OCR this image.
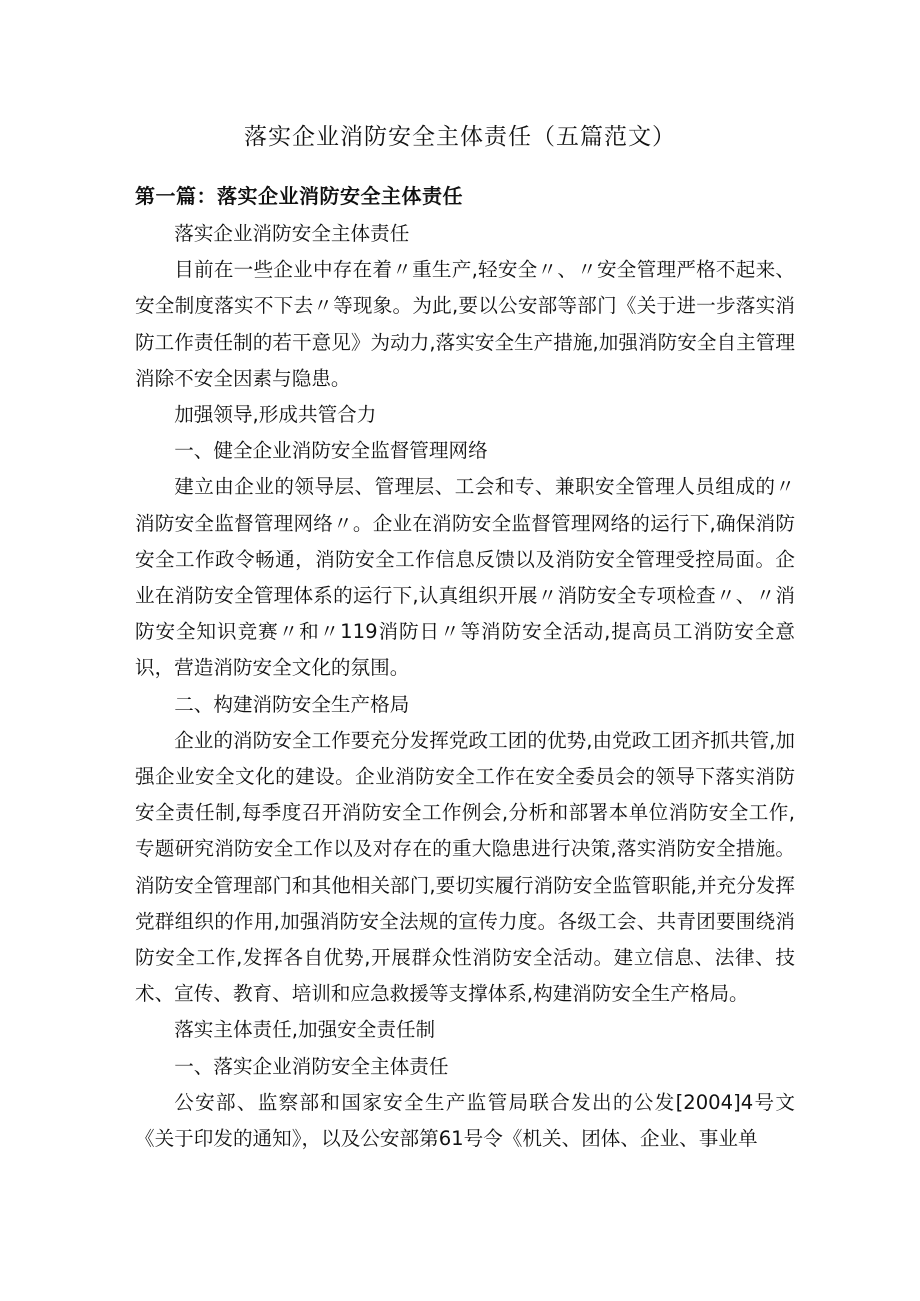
落实企业消防安全主体责任（五篇范文）
第一篇：落实企业消防安全主体责任

落实企业消防安全主体责任

目前在一些企业中存在着〃重生产,轻安全〃、〃安全管理严格不起来、安全制度落实不下去〃等现象。为此,要以公安部等部门《关于进一步落实消防工作责任制的若干意见》为动力,落实安全生产措施,加强消防安全自主管理消除不安全因素与隐患。

加强领导,形成共管合力

一、健全企业消防安全监督管理网络

建立由企业的领导层、管理层、工会和专、兼职安全管理人员组成的〃消防安全监督管理网络〃。企业在消防安全监督管理网络的运行下,确保消防安全工作政令畅通，消防安全工作信息反馈以及消防安全管理受控局面。企业在消防安全管理体系的运行下,认真组织开展〃消防安全专项检查〃、〃消防安全知识竞赛〃和〃119消防日〃等消防安全活动,提高员工消防安全意识，营造消防安全文化的氛围。

二、构建消防安全生产格局

企业的消防安全工作要充分发挥党政工团的优势,由党政工团齐抓共管,加强企业安全文化的建设。企业消防安全工作在安全委员会的领导下落实消防安全责任制,每季度召开消防安全工作例会,分析和部署本单位消防安全工作,专题研究消防安全工作以及对存在的重大隐患进行决策,落实消防安全措施。消防安全管理部门和其他相关部门,要切实履行消防安全监管职能,并充分发挥党群组织的作用,加强消防安全法规的宣传力度。各级工会、共青团要围绕消防安全工作,发挥各自优势,开展群众性消防安全活动。建立信息、法律、技术、宣传、教育、培训和应急救援等支撑体系,构建消防安全生产格局。

落实主体责任,加强安全责任制

一、落实企业消防安全主体责任

公安部、监察部和国家安全生产监管局联合发出的公发[2004]4号文《关于印发的通知》，以及公安部第61号令《机关、团体、企业、事业单
